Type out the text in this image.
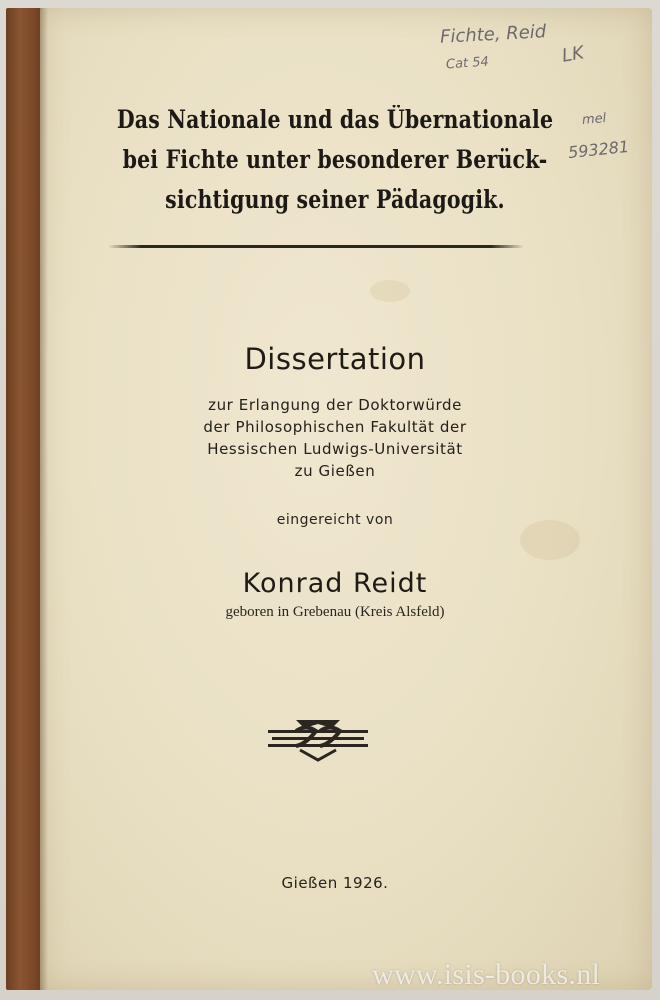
Fichte, Reid
Cat 54	LK
mel
593281
Das Nationale und das Übernationale
bei Fichte unter besonderer Berück-
sichtigung seiner Pädagogik.
Dissertation
zur Erlangung der Doktorwürde
der Philosophischen Fakultät der
Hessischen Ludwigs-Universität
zu Gießen
eingereicht von
Konrad Reidt
geboren in Grebenau (Kreis Alsfeld)
Gießen 1926.
www.isis-books.nl
